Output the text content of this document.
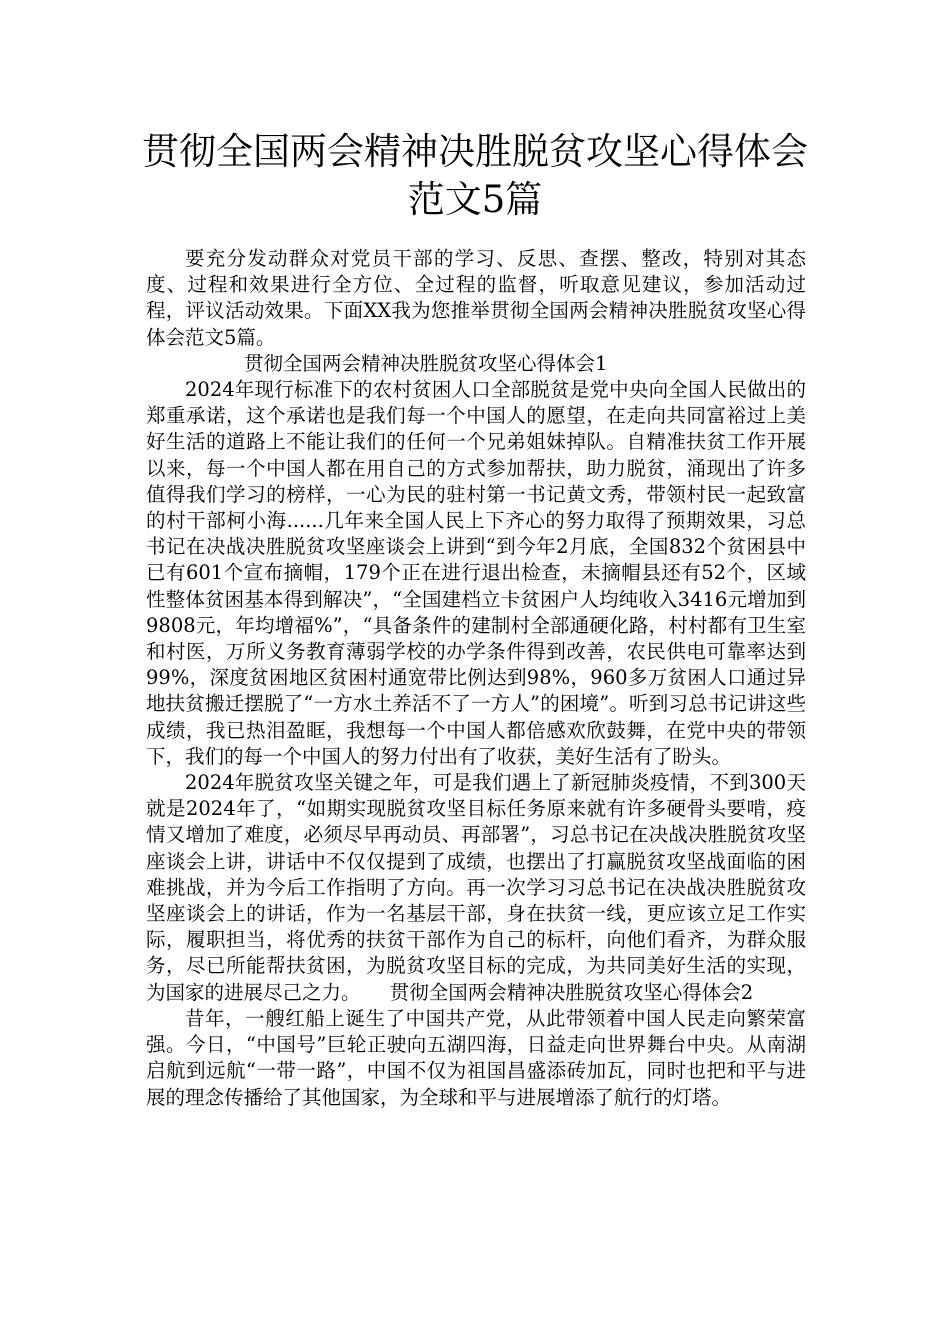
贯彻全国两会精神决胜脱贫攻坚心得体会
范文5篇

要充分发动群众对党员干部的学习、反思、查摆、整改，特别对其态度、过程和效果进行全方位、全过程的监督，听取意见建议，参加活动过程，评议活动效果。下面XX我为您推举贯彻全国两会精神决胜脱贫攻坚心得体会范文5篇。

贯彻全国两会精神决胜脱贫攻坚心得体会1

2024年现行标准下的农村贫困人口全部脱贫是党中央向全国人民做出的郑重承诺，这个承诺也是我们每一个中国人的愿望，在走向共同富裕过上美好生活的道路上不能让我们的任何一个兄弟姐妹掉队。自精准扶贫工作开展以来，每一个中国人都在用自己的方式参加帮扶，助力脱贫，涌现出了许多值得我们学习的榜样，一心为民的驻村第一书记黄文秀，带领村民一起致富的村干部柯小海......几年来全国人民上下齐心的努力取得了预期效果，习总书记在决战决胜脱贫攻坚座谈会上讲到“到今年2月底，全国832个贫困县中已有601个宣布摘帽，179个正在进行退出检查，未摘帽县还有52个，区域性整体贫困基本得到解决”，“全国建档立卡贫困户人均纯收入3416元增加到9808元，年均增福%”，“具备条件的建制村全部通硬化路，村村都有卫生室和村医，万所义务教育薄弱学校的办学条件得到改善，农民供电可靠率达到99%，深度贫困地区贫困村通宽带比例达到98%，960多万贫困人口通过异地扶贫搬迁摆脱了“一方水土养活不了一方人”的困境”。听到习总书记讲这些成绩，我已热泪盈眶，我想每一个中国人都倍感欢欣鼓舞，在党中央的带领下，我们的每一个中国人的努力付出有了收获，美好生活有了盼头。

2024年脱贫攻坚关键之年，可是我们遇上了新冠肺炎疫情，不到300天就是2024年了，“如期实现脱贫攻坚目标任务原来就有许多硬骨头要啃，疫情又增加了难度，必须尽早再动员、再部署”，习总书记在决战决胜脱贫攻坚座谈会上讲，讲话中不仅仅提到了成绩，也摆出了打赢脱贫攻坚战面临的困难挑战，并为今后工作指明了方向。再一次学习习总书记在决战决胜脱贫攻坚座谈会上的讲话，作为一名基层干部，身在扶贫一线，更应该立足工作实际，履职担当，将优秀的扶贫干部作为自己的标杆，向他们看齐，为群众服务，尽已所能帮扶贫困，为脱贫攻坚目标的完成，为共同美好生活的实现，为国家的进展尽己之力。　　贯彻全国两会精神决胜脱贫攻坚心得体会2

昔年，一艘红船上诞生了中国共产党，从此带领着中国人民走向繁荣富强。今日，“中国号”巨轮正驶向五湖四海，日益走向世界舞台中央。从南湖启航到远航“一带一路”，中国不仅为祖国昌盛添砖加瓦，同时也把和平与进展的理念传播给了其他国家，为全球和平与进展增添了航行的灯塔。
